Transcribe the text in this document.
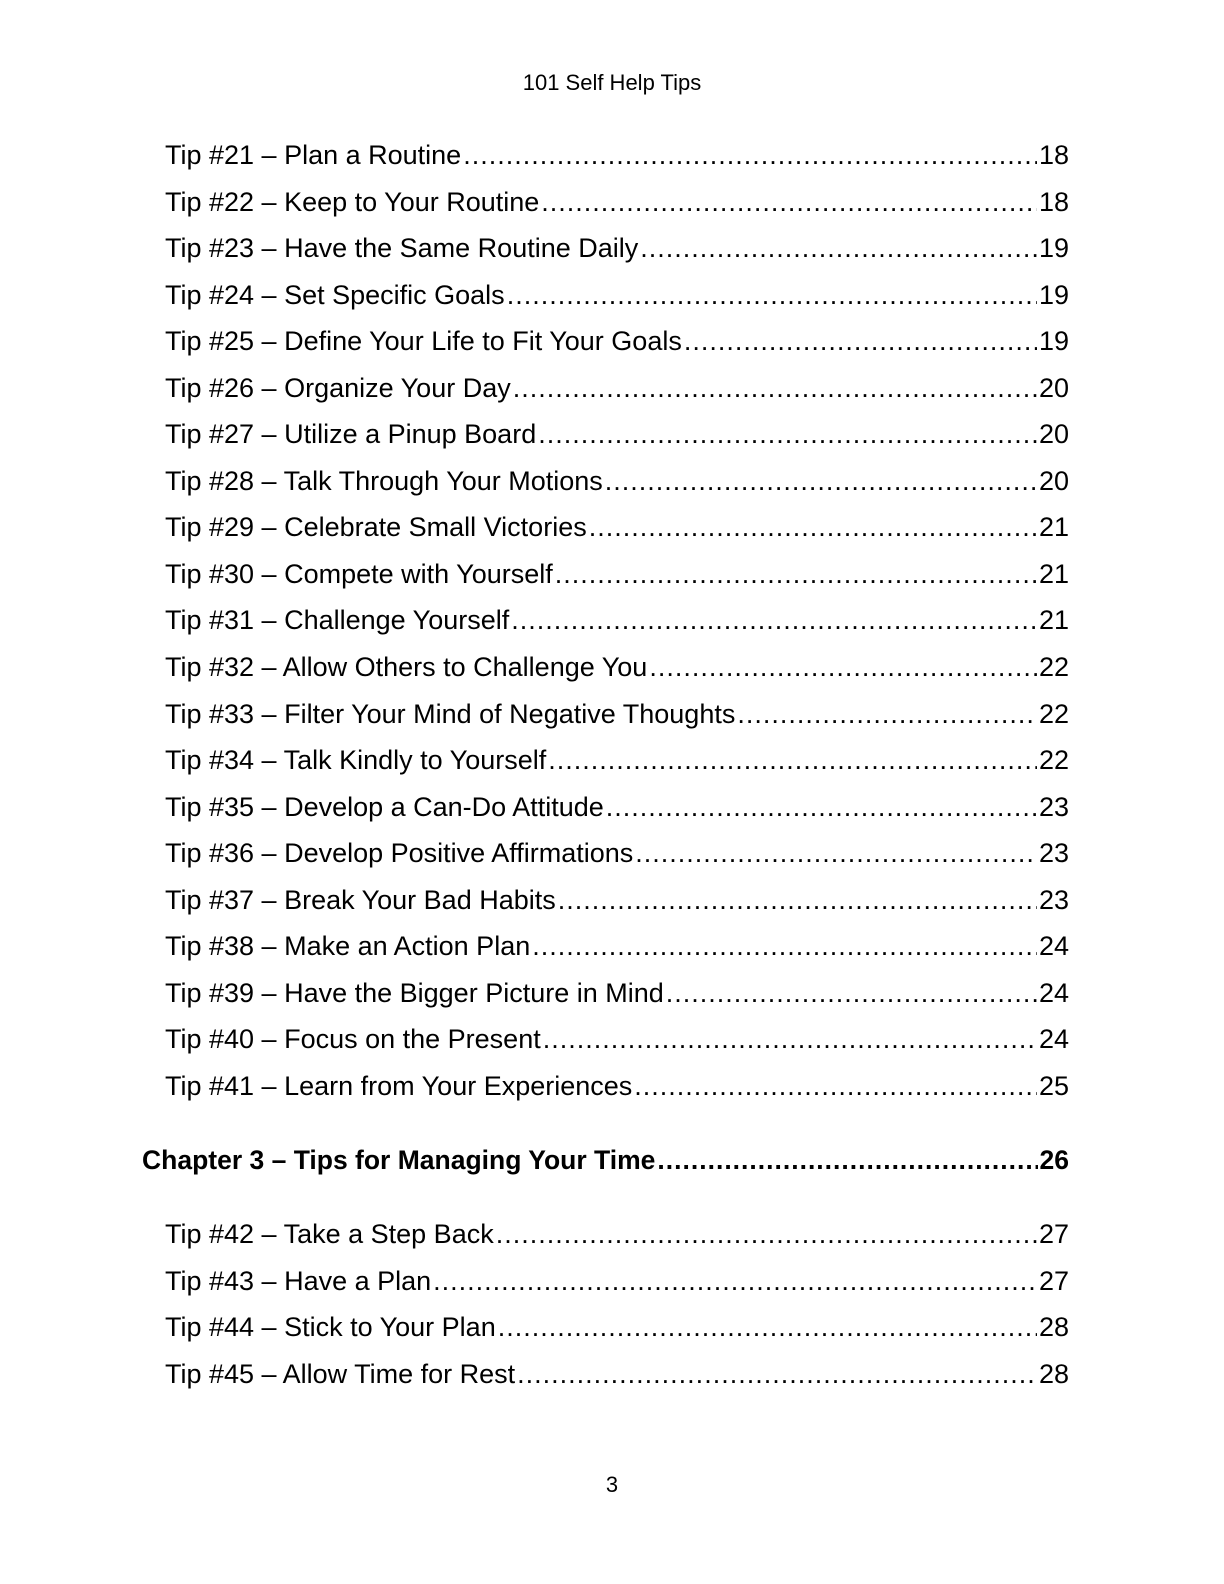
101 Self Help Tips
Tip #21 – Plan a Routine .....	18
Tip #22 – Keep to Your Routine .....	18
Tip #23 – Have the Same Routine Daily .....	19
Tip #24 – Set Specific Goals .....	19
Tip #25 – Define Your Life to Fit Your Goals .....	19
Tip #26 – Organize Your Day .....	20
Tip #27 – Utilize a Pinup Board .....	20
Tip #28 – Talk Through Your Motions .....	20
Tip #29 – Celebrate Small Victories .....	21
Tip #30 – Compete with Yourself .....	21
Tip #31 – Challenge Yourself .....	21
Tip #32 – Allow Others to Challenge You .....	22
Tip #33 – Filter Your Mind of Negative Thoughts .....	22
Tip #34 – Talk Kindly to Yourself .....	22
Tip #35 – Develop a Can-Do Attitude .....	23
Tip #36 – Develop Positive Affirmations .....	23
Tip #37 – Break Your Bad Habits .....	23
Tip #38 – Make an Action Plan .....	24
Tip #39 – Have the Bigger Picture in Mind .....	24
Tip #40 – Focus on the Present .....	24
Tip #41 – Learn from Your Experiences .....	25
Chapter 3 – Tips for Managing Your Time .....	26
Tip #42 – Take a Step Back .....	27
Tip #43 – Have a Plan .....	27
Tip #44 – Stick to Your Plan .....	28
Tip #45 – Allow Time for Rest .....	28
3
